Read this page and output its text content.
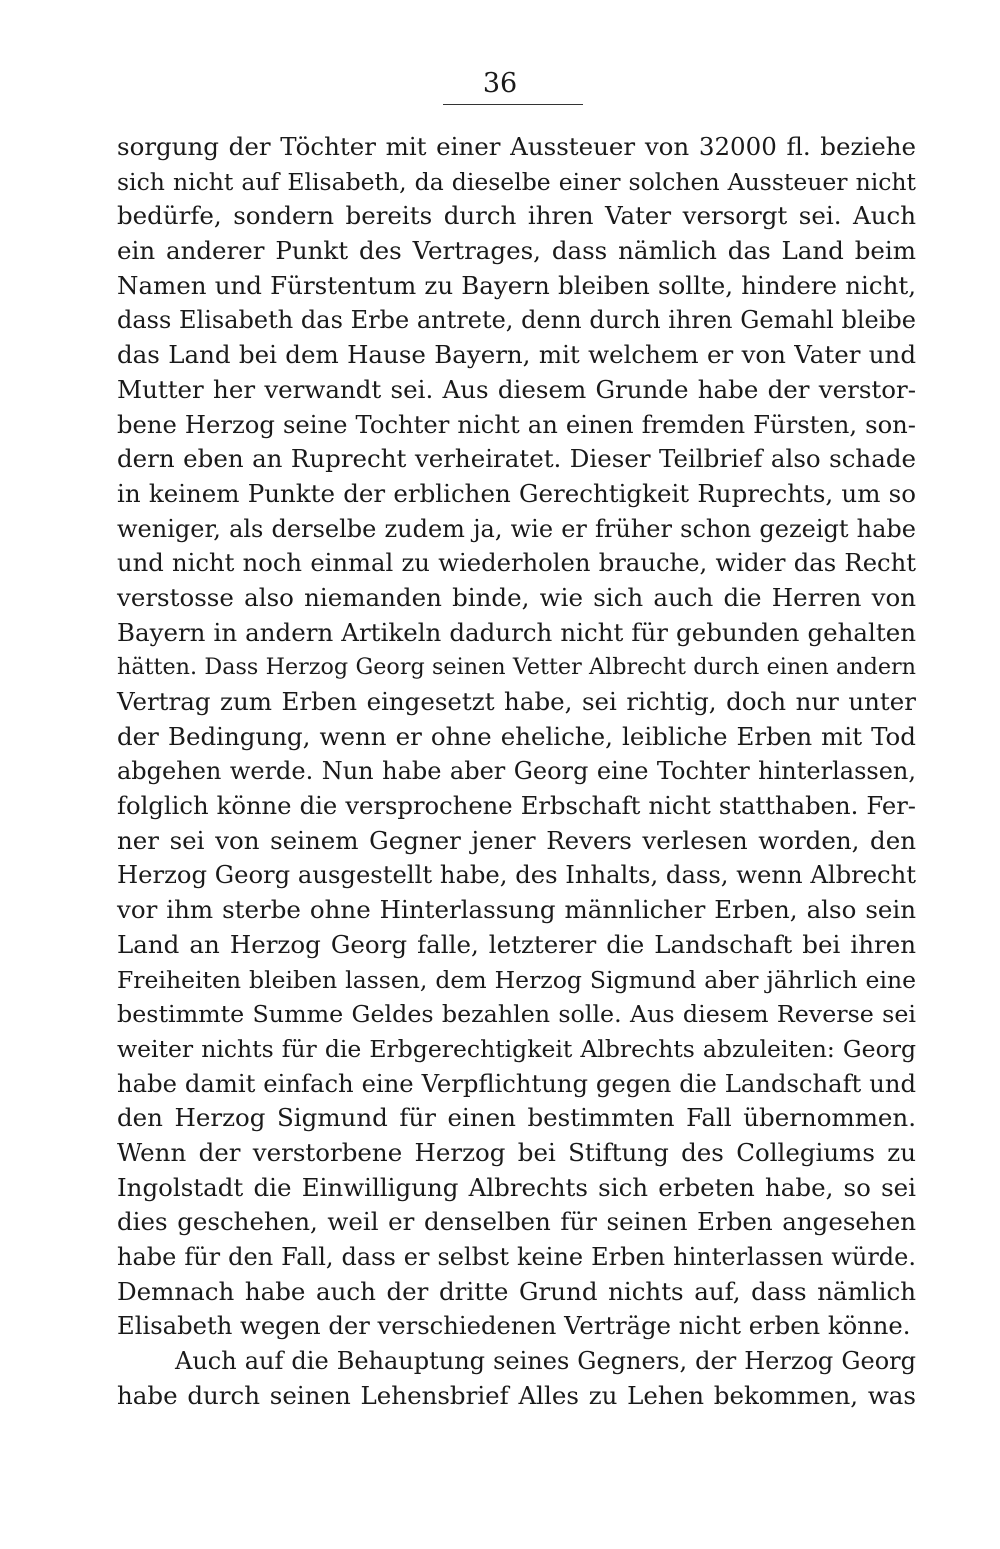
36
sorgung der Töchter mit einer Aussteuer von 32000 fl. beziehe
sich nicht auf Elisabeth, da dieselbe einer solchen Aussteuer nicht
bedürfe, sondern bereits durch ihren Vater versorgt sei. Auch
ein anderer Punkt des Vertrages, dass nämlich das Land beim
Namen und Fürstentum zu Bayern bleiben sollte, hindere nicht,
dass Elisabeth das Erbe antrete, denn durch ihren Gemahl bleibe
das Land bei dem Hause Bayern, mit welchem er von Vater und
Mutter her verwandt sei. Aus diesem Grunde habe der verstor-
bene Herzog seine Tochter nicht an einen fremden Fürsten, son-
dern eben an Ruprecht verheiratet. Dieser Teilbrief also schade
in keinem Punkte der erblichen Gerechtigkeit Ruprechts, um so
weniger, als derselbe zudem ja, wie er früher schon gezeigt habe
und nicht noch einmal zu wiederholen brauche, wider das Recht
verstosse also niemanden binde, wie sich auch die Herren von
Bayern in andern Artikeln dadurch nicht für gebunden gehalten
hätten. Dass Herzog Georg seinen Vetter Albrecht durch einen andern
Vertrag zum Erben eingesetzt habe, sei richtig, doch nur unter
der Bedingung, wenn er ohne eheliche, leibliche Erben mit Tod
abgehen werde. Nun habe aber Georg eine Tochter hinterlassen,
folglich könne die versprochene Erbschaft nicht statthaben. Fer-
ner sei von seinem Gegner jener Revers verlesen worden, den
Herzog Georg ausgestellt habe, des Inhalts, dass, wenn Albrecht
vor ihm sterbe ohne Hinterlassung männlicher Erben, also sein
Land an Herzog Georg falle, letzterer die Landschaft bei ihren
Freiheiten bleiben lassen, dem Herzog Sigmund aber jährlich eine
bestimmte Summe Geldes bezahlen solle. Aus diesem Reverse sei
weiter nichts für die Erbgerechtigkeit Albrechts abzuleiten: Georg
habe damit einfach eine Verpflichtung gegen die Landschaft und
den Herzog Sigmund für einen bestimmten Fall übernommen.
Wenn der verstorbene Herzog bei Stiftung des Collegiums zu
Ingolstadt die Einwilligung Albrechts sich erbeten habe, so sei
dies geschehen, weil er denselben für seinen Erben angesehen
habe für den Fall, dass er selbst keine Erben hinterlassen würde.
Demnach habe auch der dritte Grund nichts auf, dass nämlich
Elisabeth wegen der verschiedenen Verträge nicht erben könne.
Auch auf die Behauptung seines Gegners, der Herzog Georg
habe durch seinen Lehensbrief Alles zu Lehen bekommen, was
